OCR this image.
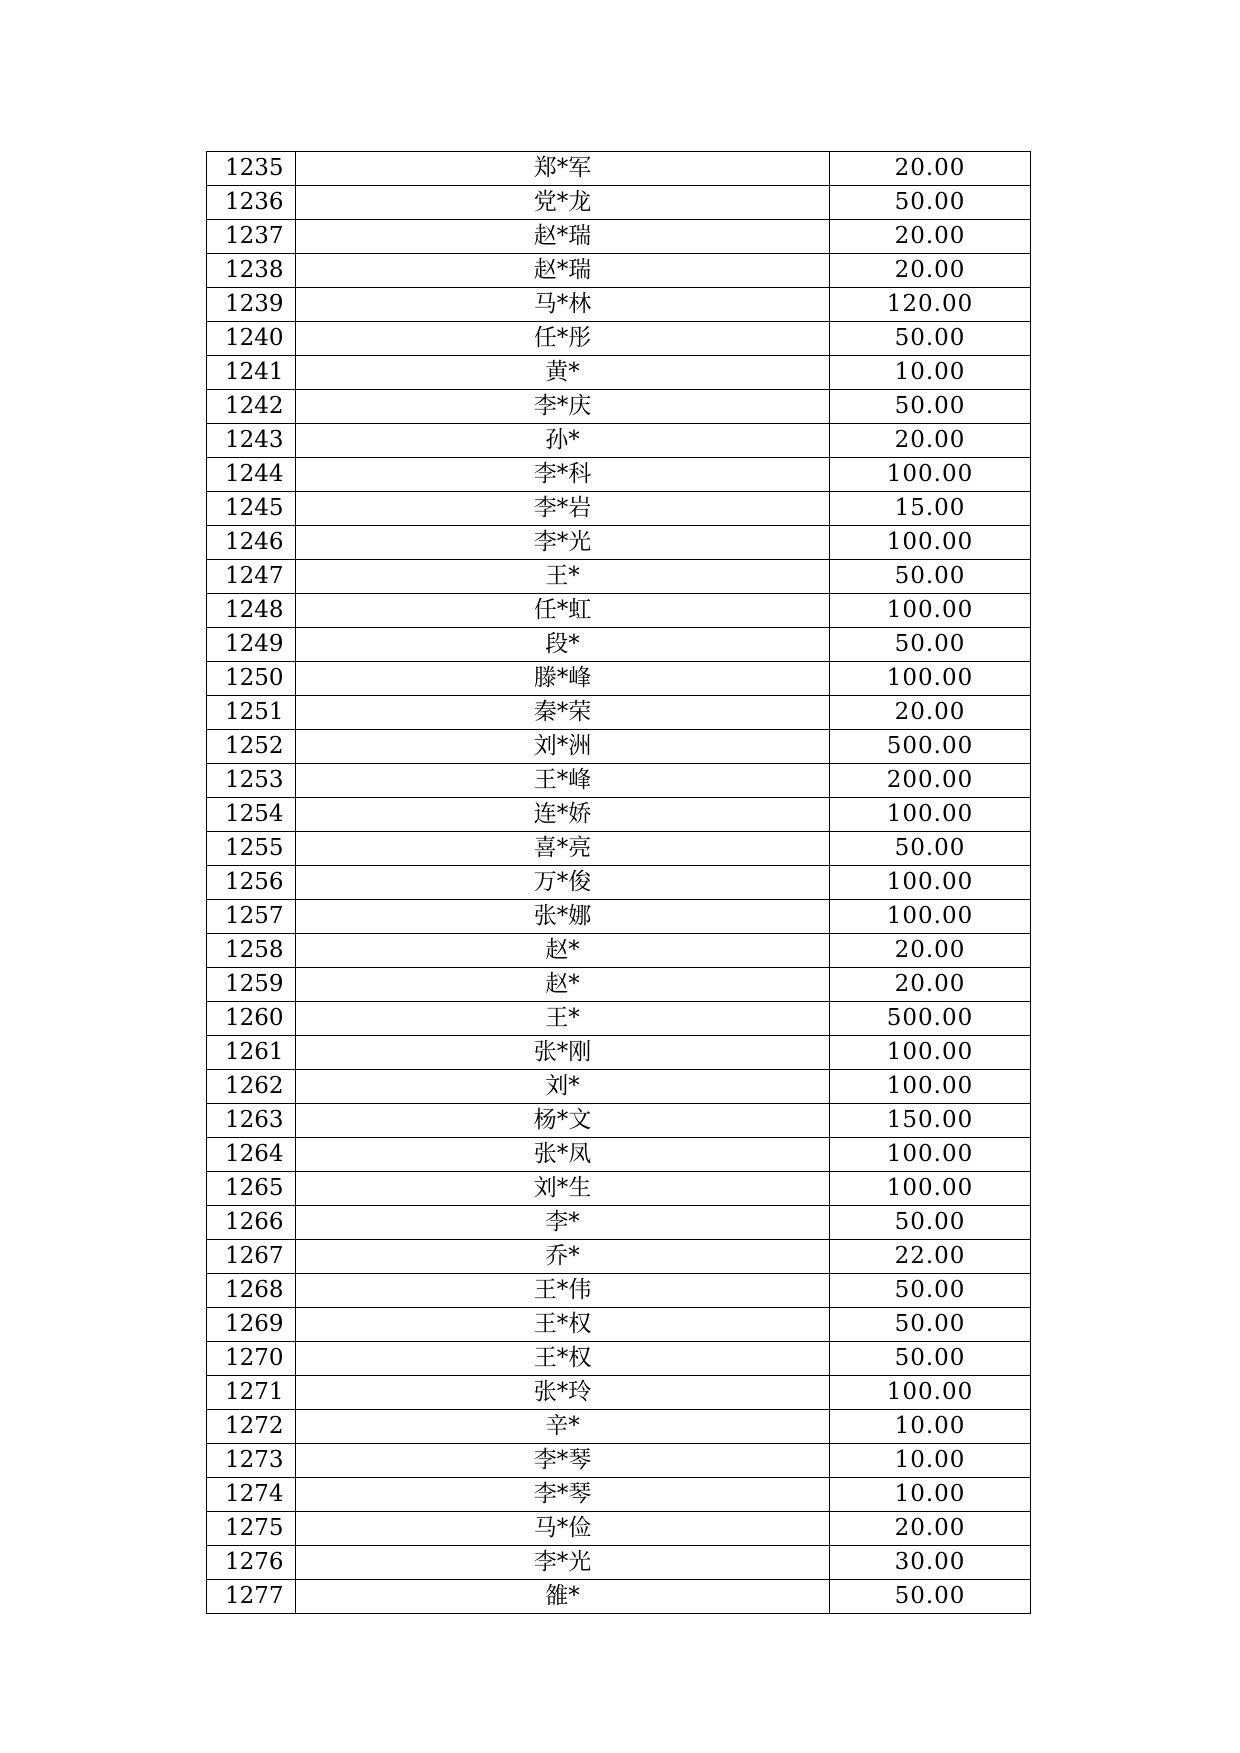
1235	郑*军	20.00
1236	党*龙	50.00
1237	赵*瑞	20.00
1238	赵*瑞	20.00
1239	马*林	120.00
1240	任*彤	50.00
1241	黄*	10.00
1242	李*庆	50.00
1243	孙*	20.00
1244	李*科	100.00
1245	李*岩	15.00
1246	李*光	100.00
1247	王*	50.00
1248	任*虹	100.00
1249	段*	50.00
1250	滕*峰	100.00
1251	秦*荣	20.00
1252	刘*洲	500.00
1253	王*峰	200.00
1254	连*娇	100.00
1255	喜*亮	50.00
1256	万*俊	100.00
1257	张*娜	100.00
1258	赵*	20.00
1259	赵*	20.00
1260	王*	500.00
1261	张*刚	100.00
1262	刘*	100.00
1263	杨*文	150.00
1264	张*凤	100.00
1265	刘*生	100.00
1266	李*	50.00
1267	乔*	22.00
1268	王*伟	50.00
1269	王*权	50.00
1270	王*权	50.00
1271	张*玲	100.00
1272	辛*	10.00
1273	李*琴	10.00
1274	李*琴	10.00
1275	马*俭	20.00
1276	李*光	30.00
1277	雒*	50.00
